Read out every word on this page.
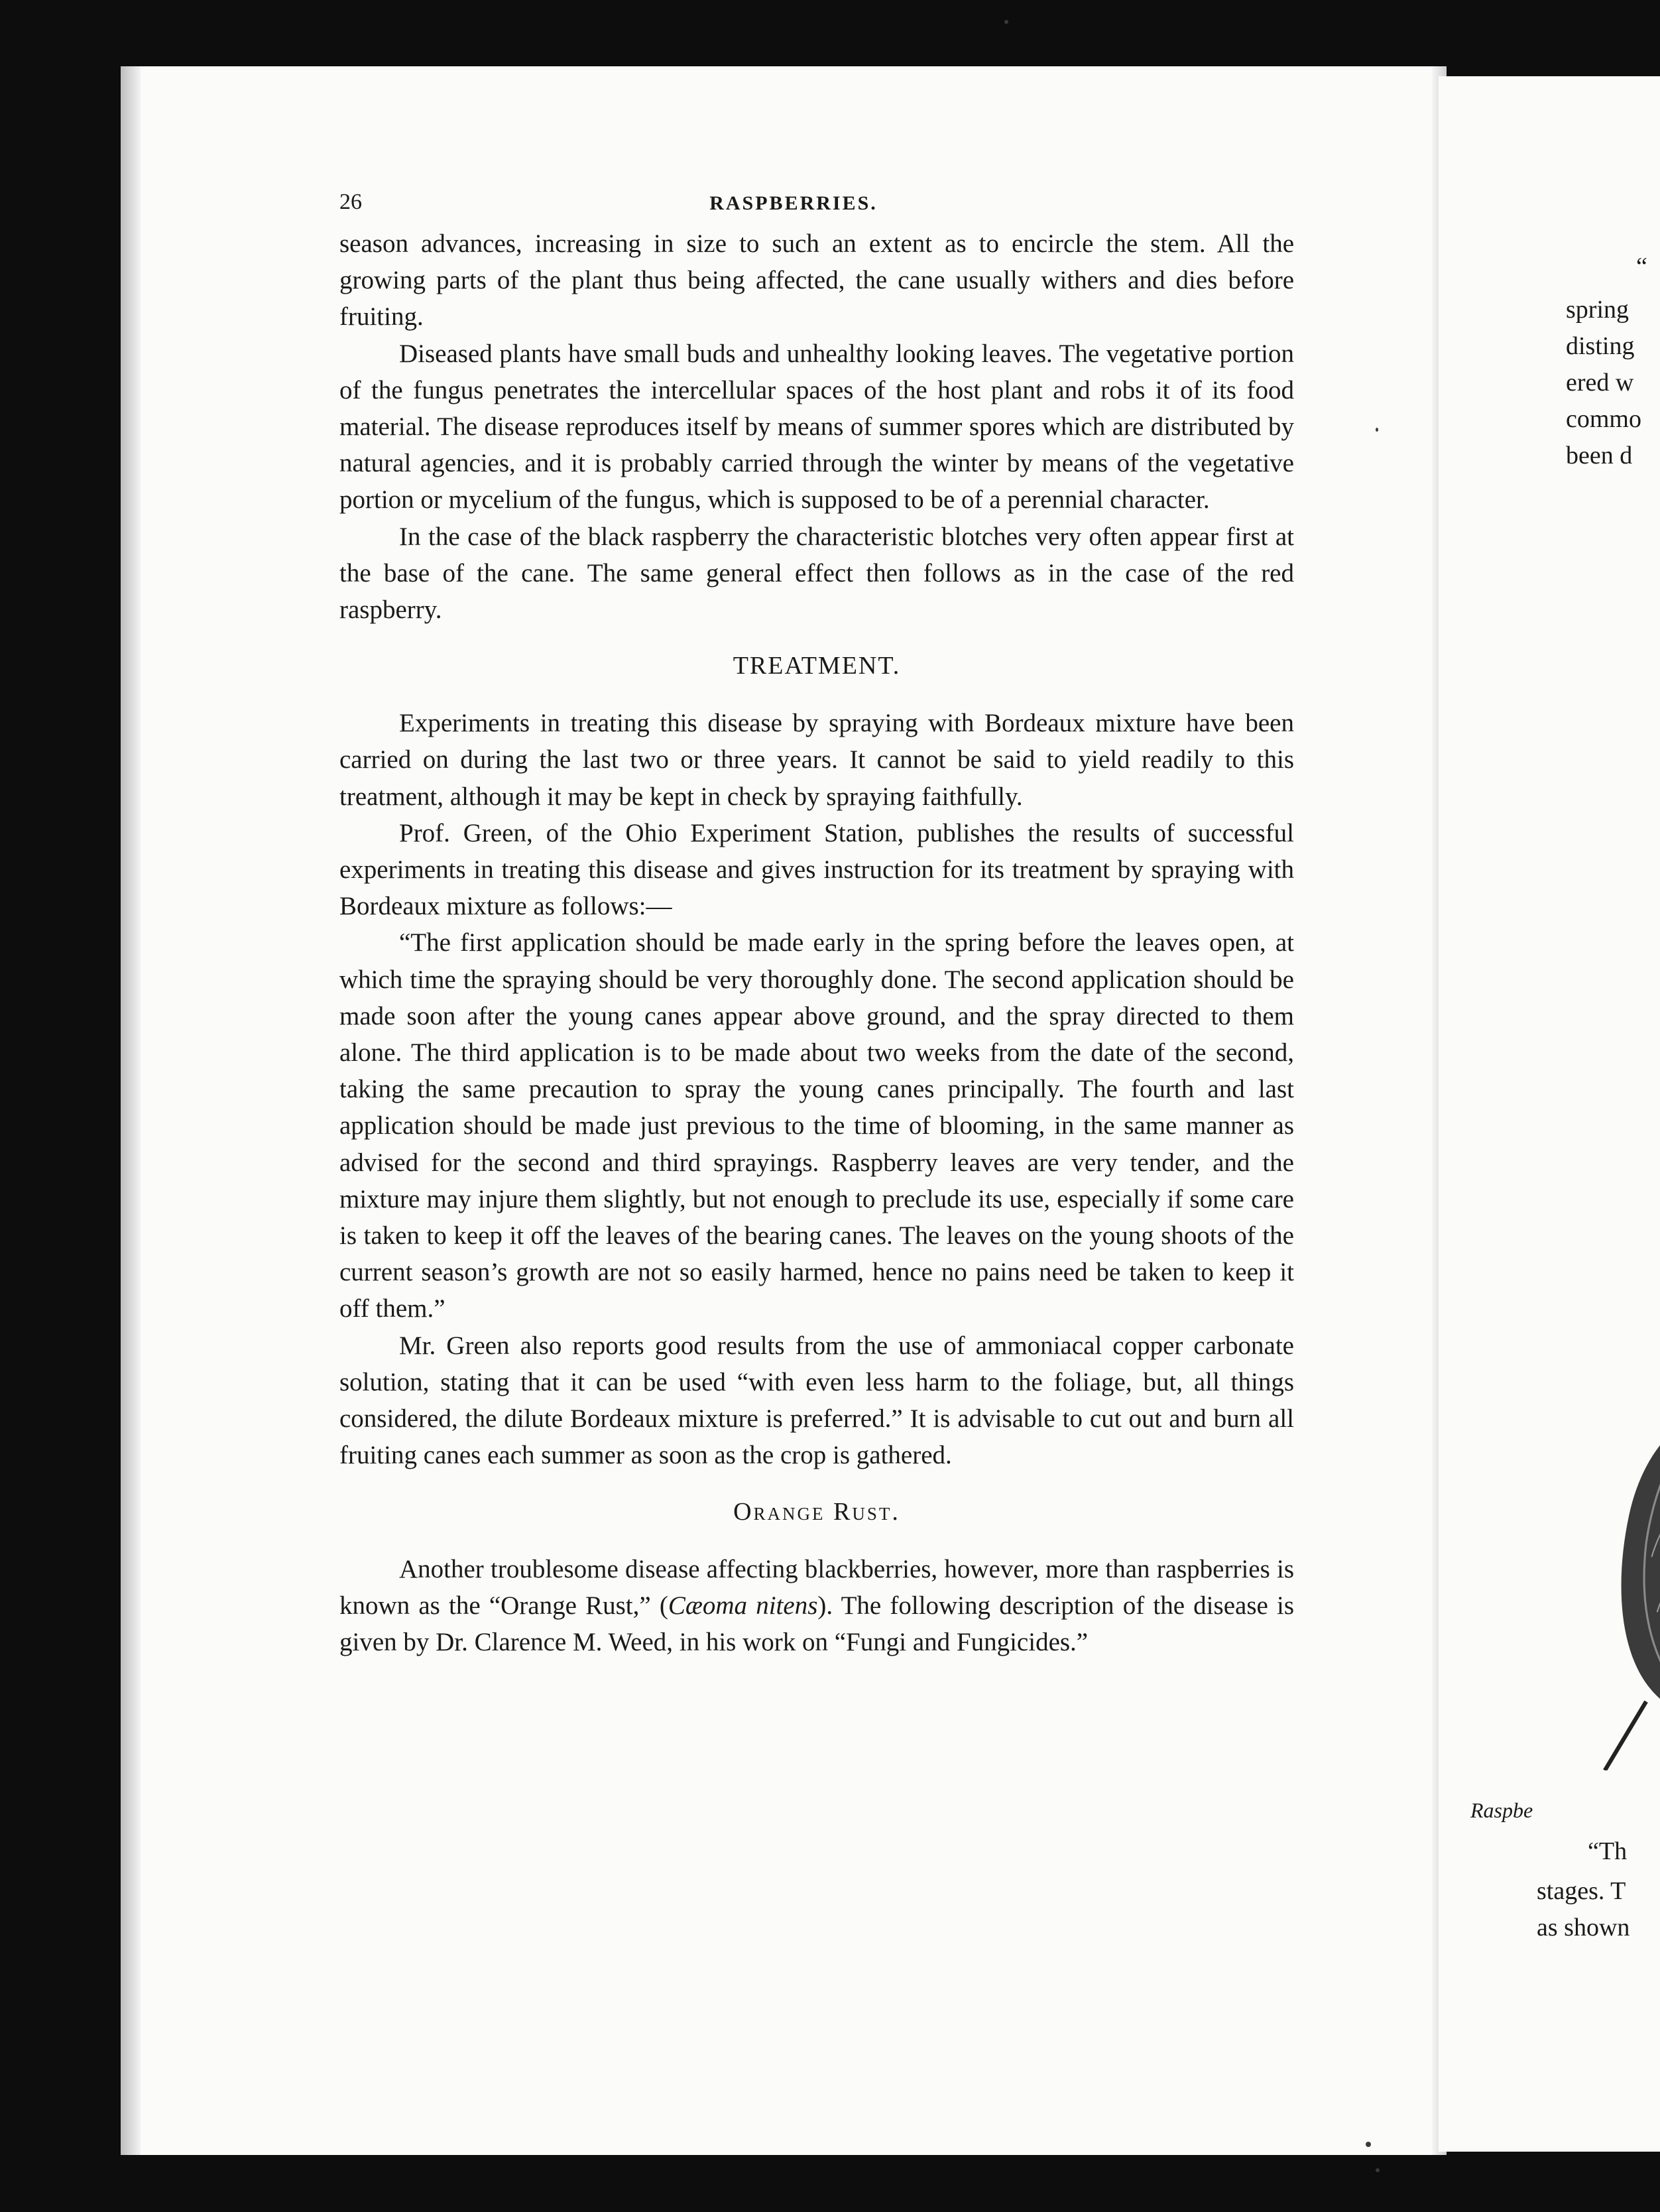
26	RASPBERRIES.

season advances, increasing in size to such an extent as to encircle the stem. All the growing parts of the plant thus being affected, the cane usually withers and dies before fruiting.

Diseased plants have small buds and unhealthy looking leaves. The vegetative portion of the fungus penetrates the intercellular spaces of the host plant and robs it of its food material. The disease reproduces itself by means of summer spores which are distributed by natural agencies, and it is probably carried through the winter by means of the vegetative portion or mycelium of the fungus, which is supposed to be of a perennial character.

In the case of the black raspberry the characteristic blotches very often appear first at the base of the cane. The same general effect then follows as in the case of the red raspberry.

TREATMENT.

Experiments in treating this disease by spraying with Bordeaux mixture have been carried on during the last two or three years. It cannot be said to yield readily to this treatment, although it may be kept in check by spraying faithfully.

Prof. Green, of the Ohio Experiment Station, publishes the results of successful experiments in treating this disease and gives instruction for its treatment by spraying with Bordeaux mixture as follows:—

“The first application should be made early in the spring before the leaves open, at which time the spraying should be very thoroughly done. The second application should be made soon after the young canes appear above ground, and the spray directed to them alone. The third application is to be made about two weeks from the date of the second, taking the same precaution to spray the young canes principally. The fourth and last application should be made just previous to the time of blooming, in the same manner as advised for the second and third sprayings. Raspberry leaves are very tender, and the mixture may injure them slightly, but not enough to preclude its use, especially if some care is taken to keep it off the leaves of the bearing canes. The leaves on the young shoots of the current season’s growth are not so easily harmed, hence no pains need be taken to keep it off them.”

Mr. Green also reports good results from the use of ammoniacal copper carbonate solution, stating that it can be used “with even less harm to the foliage, but, all things considered, the dilute Bordeaux mixture is preferred.” It is advisable to cut out and burn all fruiting canes each summer as soon as the crop is gathered.

Orange Rust.

Another troublesome disease affecting blackberries, however, more than raspberries is known as the “Orange Rust,” (Cæoma nitens). The following description of the disease is given by Dr. Clarence M. Weed, in his work on “Fungi and Fungicides.”

“
spring
disting
ered w
commo
been d
Raspbe
“Th
stages. T
as shown
